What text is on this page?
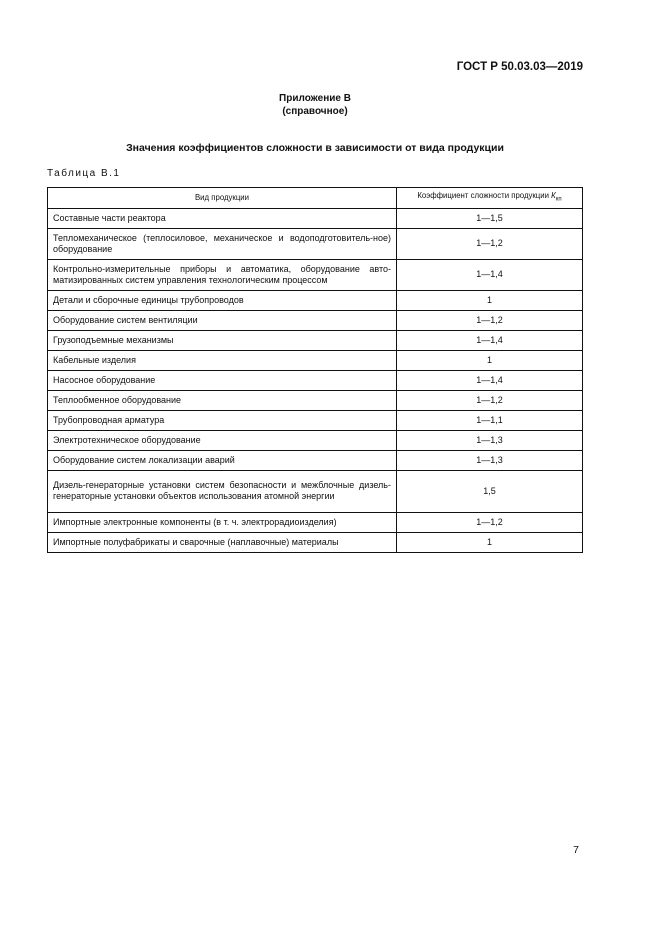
ГОСТ Р 50.03.03—2019
Приложение В
(справочное)
Значения коэффициентов сложности в зависимости от вида продукции
Таблица В.1
Вид продукции	Коэффициент сложности продукции $К_{кп}$
Составные части реактора	1—1,5
Тепломеханическое (теплосиловое, механическое и водоподготовитель-ное) оборудование	1—1,2
Контрольно-измерительные приборы и автоматика, оборудование авто-матизированных систем управления технологическим процессом	1—1,4
Детали и сборочные единицы трубопроводов	1
Оборудование систем вентиляции	1—1,2
Грузоподъемные механизмы	1—1,4
Кабельные изделия	1
Насосное оборудование	1—1,4
Теплообменное оборудование	1—1,2
Трубопроводная арматура	1—1,1
Электротехническое оборудование	1—1,3
Оборудование систем локализации аварий	1—1,3
Дизель-генераторные установки систем безопасности и межблочные дизель-генераторные установки объектов использования атомной энергии	1,5
Импортные электронные компоненты (в т. ч. электрорадиоизделия)	1—1,2
Импортные полуфабрикаты и сварочные (наплавочные) материалы	1
7
